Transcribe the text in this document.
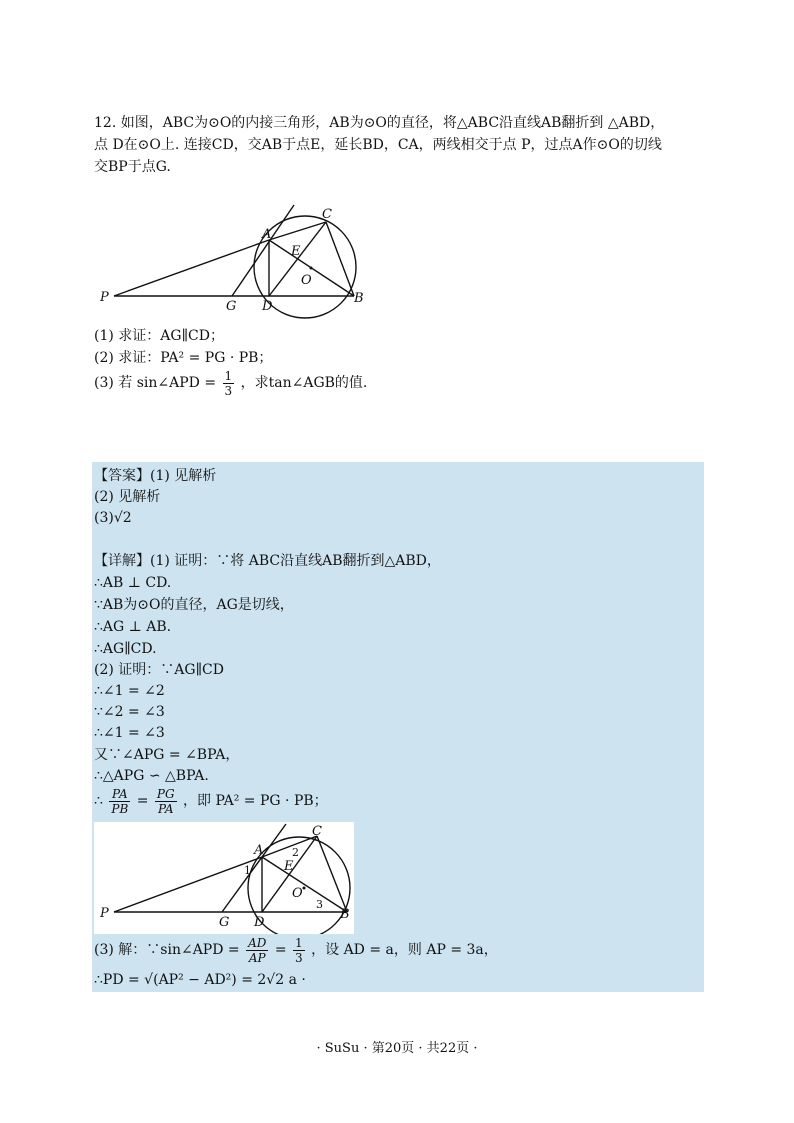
12. 如图，ABC为⊙O的内接三角形，AB为⊙O的直径，将△ABC沿直线AB翻折到 △ABD，
点 D在⊙O上. 连接CD，交AB于点E，延长BD，CA，两线相交于点 P，过点A作⊙O的切线
交BP于点G.
A
C
E
O
P
G D
B
(1) 求证：AG∥CD；
(2) 求证：PA² = PG · PB；
(3) 若 sin∠APD = $\frac{1}{3}$ ，求tan∠AGB的值.
【答案】(1) 见解析
(2) 见解析
(3)√2
【详解】(1) 证明：∵将 ABC沿直线AB翻折到△ABD，
∴AB ⊥ CD.
∵AB为⊙O的直径，AG是切线，
∴AG ⊥ AB.
∴AG∥CD.
(2) 证明：∵AG∥CD
∴∠1 = ∠2
∵∠2 = ∠3
∴∠1 = ∠3
又∵∠APG = ∠BPA，
∴△APG ∽ △BPA.
∴ $\frac{PA}{PB} = \frac{PG}{PA}$ ，即 PA² = PG · PB；
A
C
E
O
P
G D
B
1
2
3
(3) 解：∵sin∠APD = $\frac{AD}{AP} = \frac{1}{3}$ ，设 AD = a，则 AP = 3a，
∴PD = √(AP² − AD²) = 2√2 a ·
· SuSu · 第20页 · 共22页 ·
